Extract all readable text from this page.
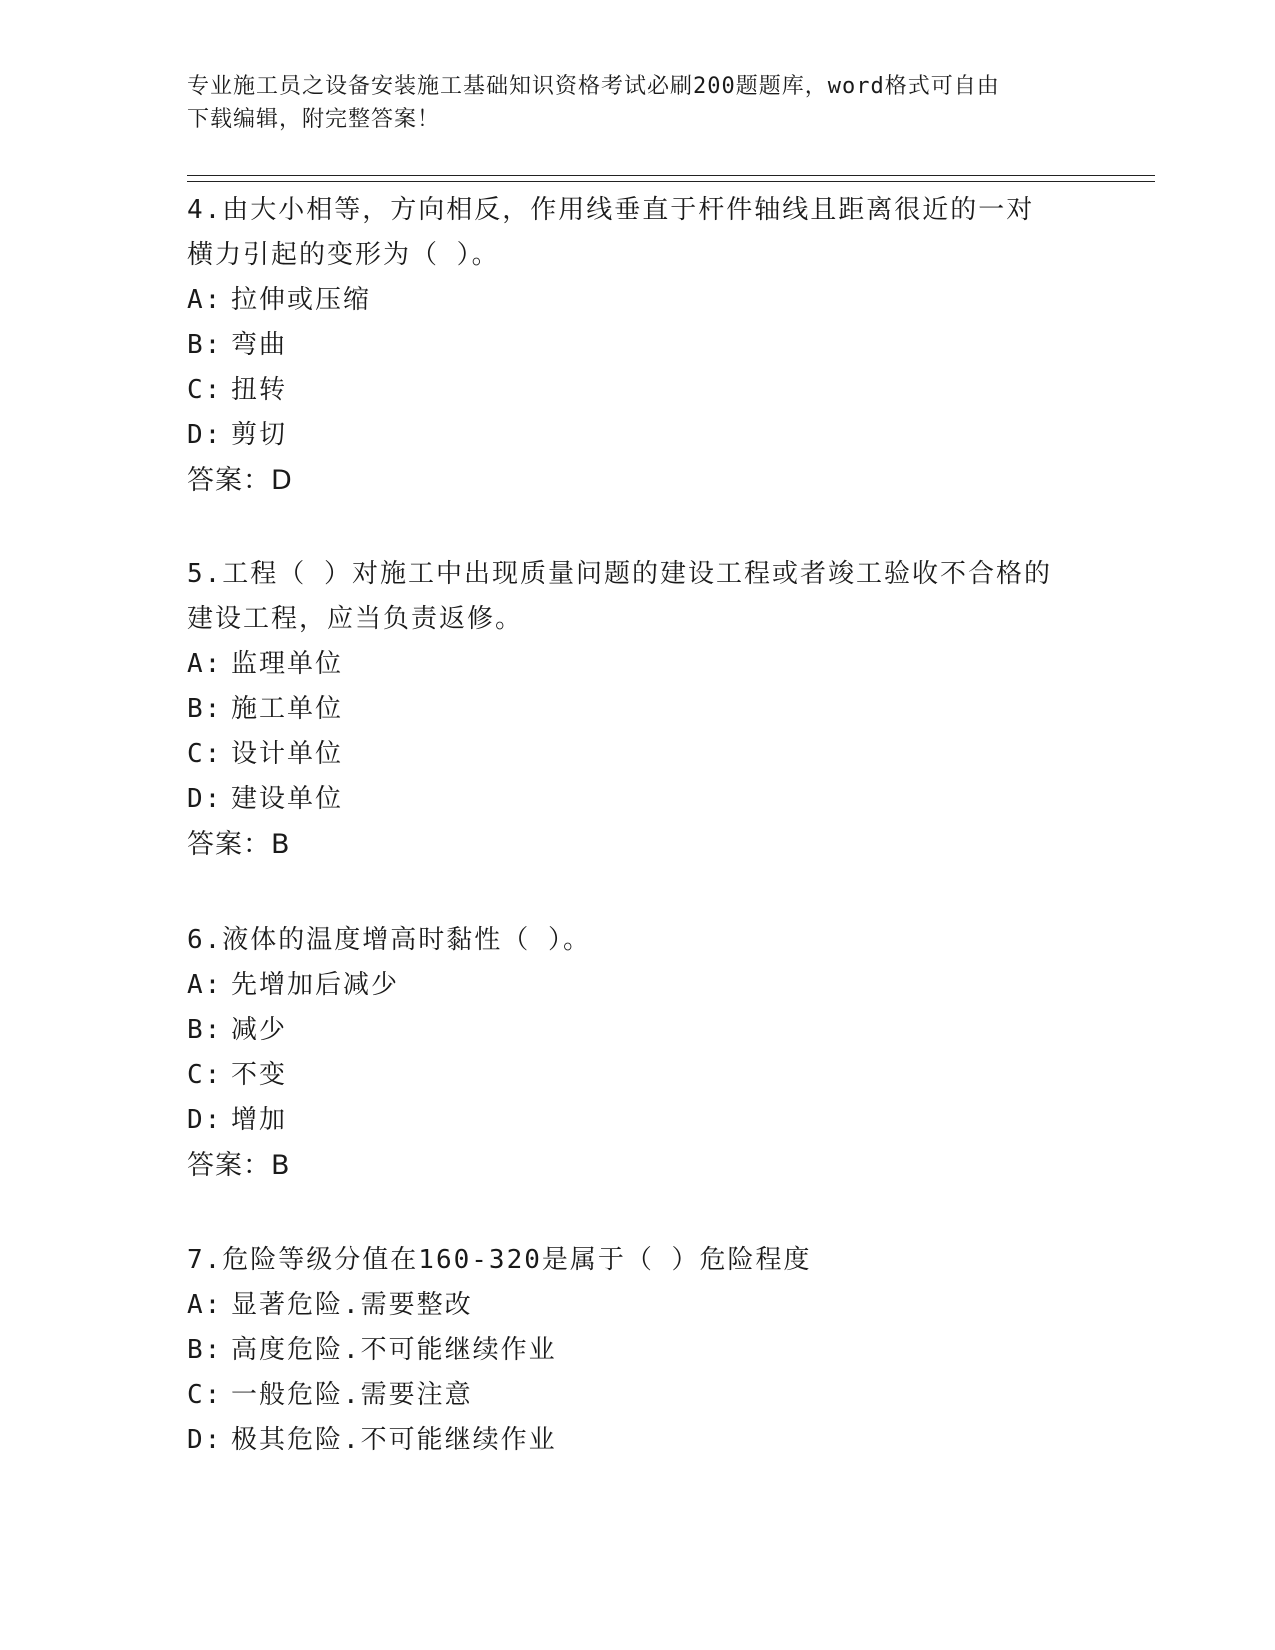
专业施工员之设备安装施工基础知识资格考试必刷200题题库，word格式可自由
下载编辑，附完整答案！

4.由大小相等，方向相反，作用线垂直于杆件轴线且距离很近的一对

横力引起的变形为（ ）。

A: 拉伸或压缩

B: 弯曲

C: 扭转

D: 剪切

答案：D

5.工程（ ）对施工中出现质量问题的建设工程或者竣工验收不合格的

建设工程，应当负责返修。

A: 监理单位

B: 施工单位

C: 设计单位

D: 建设单位

答案：B

6.液体的温度增高时黏性（ ）。

A: 先增加后减少

B: 减少

C: 不变

D: 增加

答案：B

7.危险等级分值在160-320是属于（ ）危险程度

A: 显著危险.需要整改

B: 高度危险.不可能继续作业

C: 一般危险.需要注意

D: 极其危险.不可能继续作业
